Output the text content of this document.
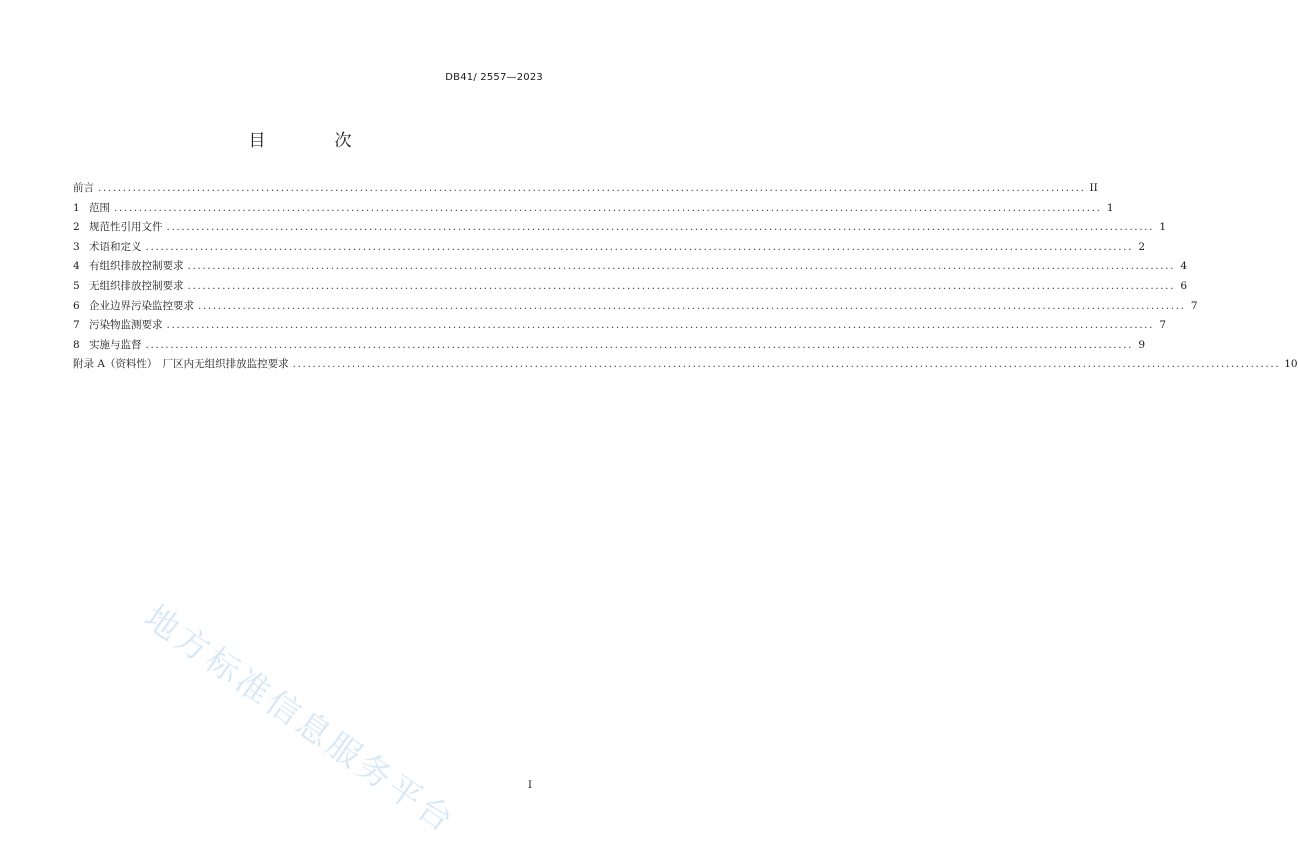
DB41/ 2557—2023
目　次
前言 ........................................................................................................................................................................................................ II
1 范围 ........................................................................................................................................................................................................ 1
2 规范性引用文件 ........................................................................................................................................................................................................ 1
3 术语和定义 ........................................................................................................................................................................................................ 2
4 有组织排放控制要求 ........................................................................................................................................................................................................ 4
5 无组织排放控制要求 ........................................................................................................................................................................................................ 6
6 企业边界污染监控要求 ........................................................................................................................................................................................................ 7
7 污染物监测要求 ........................................................................................................................................................................................................ 7
8 实施与监督 ........................................................................................................................................................................................................ 9
附录 A（资料性）　厂区内无组织排放监控要求 ........................................................................................................................................................................................................ 10
地方标准信息服务平台	I
